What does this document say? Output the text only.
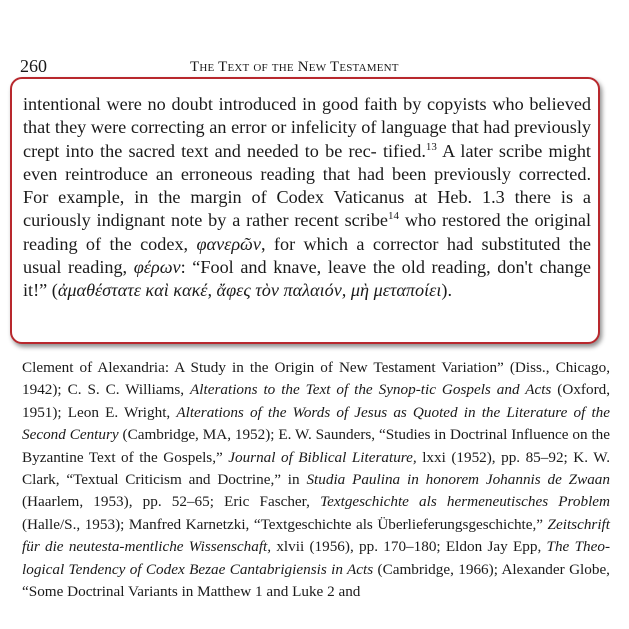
260	The Text of the New Testament

intentional were no doubt introduced in good faith by copyists who believed that they were correcting an error or infelicity of language that had previously crept into the sacred text and needed to be rec- tified.$^{13}$ A later scribe might even reintroduce an erroneous reading that had been previously corrected. For example, in the margin of Codex Vaticanus at Heb. 1.3 there is a curiously indignant note by a rather recent scribe$^{14}$ who restored the original reading of the codex, φανερῶν, for which a corrector had substituted the usual reading, φέρων: “Fool and knave, leave the old reading, don't change it!” (ἀμαθέστατε καὶ κακέ, ἄφες τὸν παλαιόν, μὴ μεταποίει).

Clement of Alexandria: A Study in the Origin of New Testament Variation” (Diss., Chicago, 1942); C. S. C. Williams, Alterations to the Text of the Synop-tic Gospels and Acts (Oxford, 1951); Leon E. Wright, Alterations of the Words of Jesus as Quoted in the Literature of the Second Century (Cambridge, MA, 1952); E. W. Saunders, “Studies in Doctrinal Influence on the Byzantine Text of the Gospels,” Journal of Biblical Literature, lxxi (1952), pp. 85–92; K. W. Clark, “Textual Criticism and Doctrine,” in Studia Paulina in honorem Johannis de Zwaan (Haarlem, 1953), pp. 52–65; Eric Fascher, Textgeschichte als hermeneutisches Problem (Halle/S., 1953); Manfred Karnetzki, “Textgeschichte als Überlieferungsgeschichte,” Zeitschrift für die neutesta-mentliche Wissenschaft, xlvii (1956), pp. 170–180; Eldon Jay Epp, The Theo-logical Tendency of Codex Bezae Cantabrigiensis in Acts (Cambridge, 1966); Alexander Globe, “Some Doctrinal Variants in Matthew 1 and Luke 2 and
